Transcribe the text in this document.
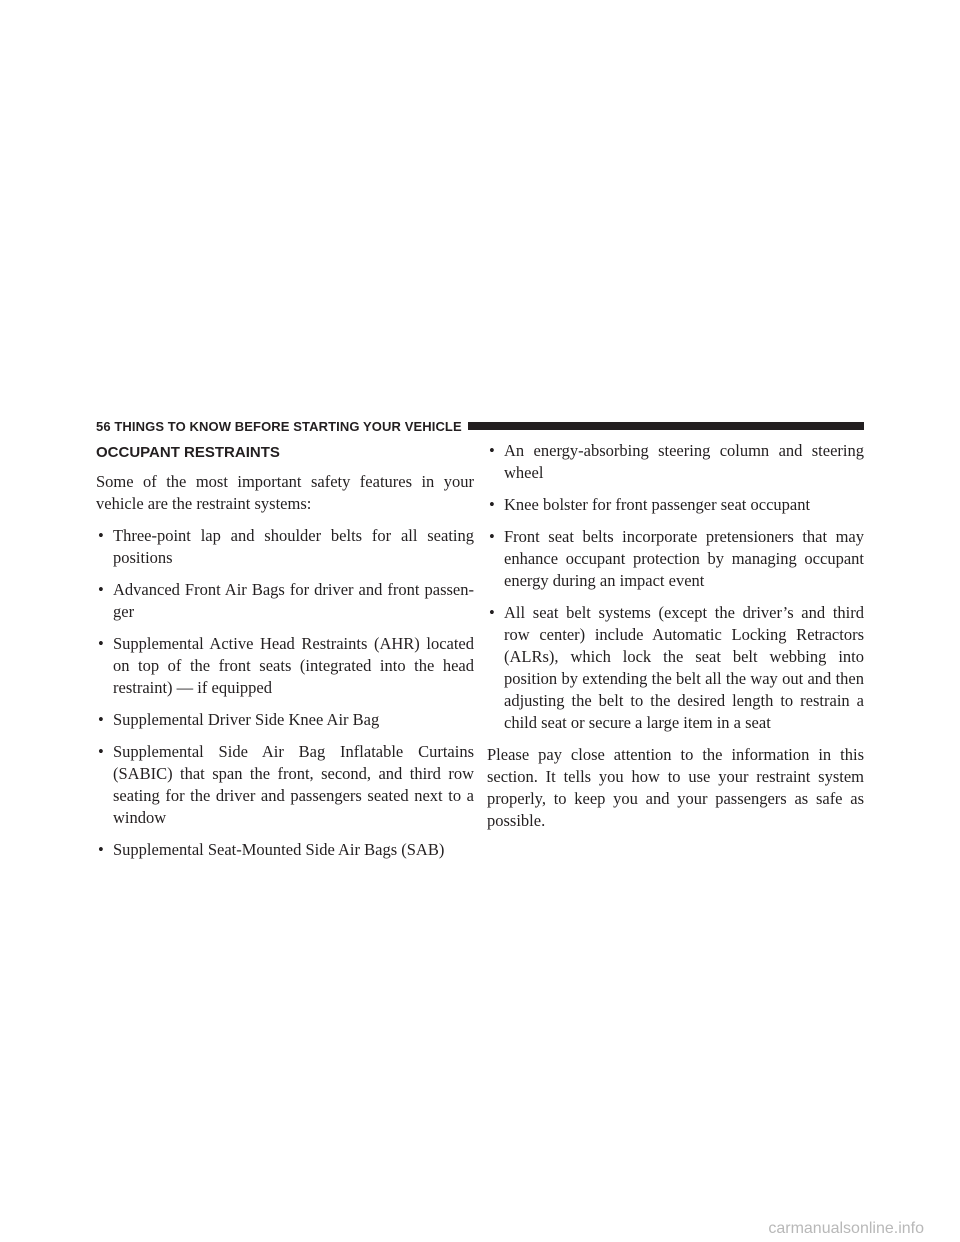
56 THINGS TO KNOW BEFORE STARTING YOUR VEHICLE
OCCUPANT RESTRAINTS

Some of the most important safety features in your vehicle are the restraint systems:

• Three-point lap and shoulder belts for all seating positions
• Advanced Front Air Bags for driver and front passen-ger
• Supplemental Active Head Restraints (AHR) located on top of the front seats (integrated into the head restraint) — if equipped
• Supplemental Driver Side Knee Air Bag
• Supplemental Side Air Bag Inflatable Curtains (SABIC) that span the front, second, and third row seating for the driver and passengers seated next to a window
• Supplemental Seat-Mounted Side Air Bags (SAB)
• An energy-absorbing steering column and steering wheel
• Knee bolster for front passenger seat occupant
• Front seat belts incorporate pretensioners that may enhance occupant protection by managing occupant energy during an impact event
• All seat belt systems (except the driver’s and third row center) include Automatic Locking Retractors (ALRs), which lock the seat belt webbing into position by extending the belt all the way out and then adjusting the belt to the desired length to restrain a child seat or secure a large item in a seat

Please pay close attention to the information in this section. It tells you how to use your restraint system properly, to keep you and your passengers as safe as possible.

carmanualsonline.info
